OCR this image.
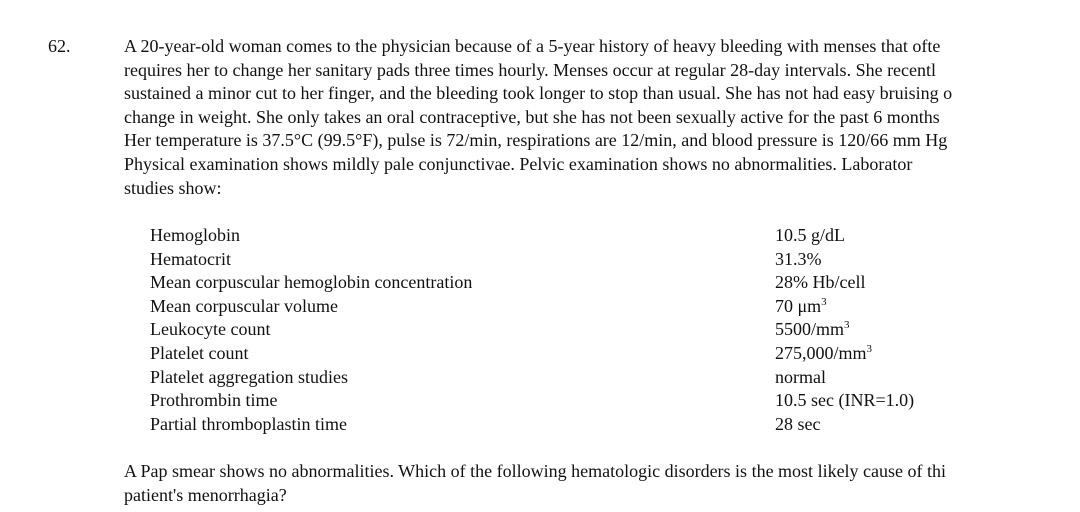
62.	A 20-year-old woman comes to the physician because of a 5-year history of heavy bleeding with menses that ofte
requires her to change her sanitary pads three times hourly. Menses occur at regular 28-day intervals. She recentl
sustained a minor cut to her finger, and the bleeding took longer to stop than usual. She has not had easy bruising o
change in weight. She only takes an oral contraceptive, but she has not been sexually active for the past 6 months
Her temperature is 37.5°C (99.5°F), pulse is 72/min, respirations are 12/min, and blood pressure is 120/66 mm Hg
Physical examination shows mildly pale conjunctivae. Pelvic examination shows no abnormalities. Laborator
studies show:
Hemoglobin	10.5 g/dL
Hematocrit	31.3%
Mean corpuscular hemoglobin concentration	28% Hb/cell
Mean corpuscular volume	70 $\mu m^3$
Leukocyte count	$5500/mm^3$
Platelet count	$275,000/mm^3$
Platelet aggregation studies	normal
Prothrombin time	10.5 sec (INR=1.0)
Partial thromboplastin time	28 sec
A Pap smear shows no abnormalities. Which of the following hematologic disorders is the most likely cause of thi
patient's menorrhagia?
